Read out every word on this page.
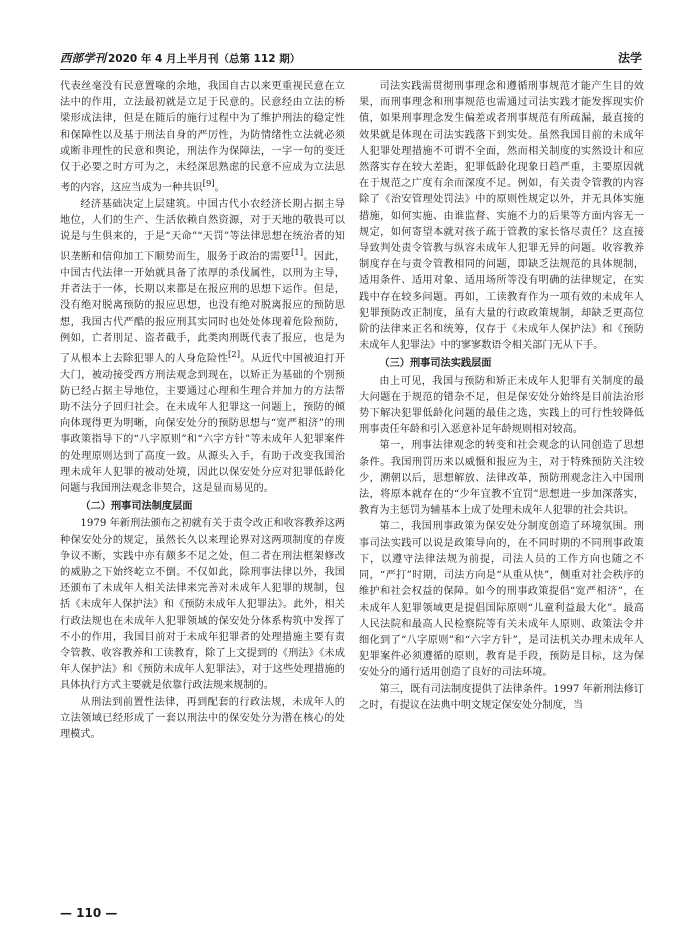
西部学刊 2020 年 4 月上半月刊（总第 112 期）	法学

代表丝毫没有民意置喙的余地，我国自古以来更重视民意在立法中的作用，立法最初就是立足于民意的。民意经由立法的桥梁形成法律，但是在随后的施行过程中为了维护刑法的稳定性和保障性以及基于刑法自身的严厉性，为防情绪性立法就必须或断非理性的民意和舆论，刑法作为保障法，一字一句的变迁仅于必要之时方可为之，未经深思熟虑的民意不应成为立法思考的内容，这应当成为一种共识[9]。

经济基础决定上层建筑。中国古代小农经济长期占据主导地位，人们的生产、生活依赖自然资源，对于天地的敬畏可以说是与生俱来的，于是“天命”“天罚”等法律思想在统治者的知识垄断和信仰加工下顺势而生，服务于政治的需要[1]。因此，中国古代法律一开始就具备了浓厚的杀伐属性，以刑为主导，并者法于一体，长期以来都是在报应刑的思想下运作。但是，没有绝对脱离预防的报应思想，也没有绝对脱离报应的预防思想，我国古代严酷的报应刑其实同时也处处体现着危险预防，例如，亡者刖足、盗者截手，此类肉刑既代表了报应，也是为了从根本上去除犯罪人的人身危险性[2]。从近代中国被迫打开大门，被动接受西方刑法观念到现在，以矫正为基础的个别预防已经占据主导地位，主要通过心理和生理合并加力的方法帮助不法分子回归社会。在未成年人犯罪这一问题上，预防的倾向体现得更为明晰，向保安处分的预防思想与“宽严相济”的刑事政策指导下的“八字原则”和“六字方针”等未成年人犯罪案件的处理原则达到了高度一致。从源头入手，有助于改变我国治理未成年人犯罪的被动处境，因此以保安处分应对犯罪低龄化问题与我国刑法观念非契合，这是显而易见的。

（二）刑事司法制度层面

1979 年新刑法颁布之初就有关于责令改正和收容教养这两种保安处分的规定，虽然长久以来理论界对这两项制度的存废争议不断，实践中亦有颇多不足之处，但二者在刑法框架修改的威胁之下始终屹立不倒。不仅如此，除刑事法律以外，我国还颁布了未成年人相关法律来完善对未成年人犯罪的规制，包括《未成年人保护法》和《预防未成年人犯罪法》。此外，相关行政法规也在未成年人犯罪领域的保安处分体系构筑中发挥了不小的作用，我国目前对于未成年犯罪者的处理措施主要有责令管教、收容教养和工读教育，除了上文提到的《刑法》《未成年人保护法》和《预防未成年人犯罪法》，对于这些处理措施的具体执行方式主要就是依靠行政法规来规制的。

从刑法到前置性法律，再到配套的行政法规，未成年人的立法领域已经形成了一套以刑法中的保安处分为潜在核心的处理模式。

司法实践需贯彻刑事理念和遵循刑事规范才能产生目的效果，而刑事理念和刑事规范也需通过司法实践才能发挥现实价值，如果刑事理念发生偏差或者刑事规范有所疏漏，最直接的效果就是体现在司法实践落下到实处。虽然我国目前的未成年人犯罪处理措施不可谓不全面，然而相关制度的实然设计和应然落实存在较大差距，犯罪低龄化现象日趋严重，主要原因就在于规范之广度有余而深度不足。例如，有关责令管教的内容除了《治安管理处罚法》中的原则性规定以外，并无具体实施措施，如何实施、由谁监督、实施不力的后果等方面内容无一规定，如何寄望本就对孩子疏于管教的家长恪尽责任？这直接导致判处责令管教与纵容未成年人犯罪无异的问题。收容教养制度存在与责令管教相同的问题，即缺乏法规范的具体规制，适用条件、适用对象、适用场所等没有明确的法律规定，在实践中存在较多问题。再如，工读教育作为一项有效的未成年人犯罪预防改正制度，虽有大量的行政政策规制，却缺乏更高位阶的法律来正名和统筹，仅存于《未成年人保护法》和《预防未成年人犯罪法》中的寥寥数语令相关部门无从下手。

（三）刑事司法实践层面

由上可见，我国与预防和矫正未成年人犯罪有关制度的最大问题在于规范的错杂不足，但是保安处分始终是目前法治形势下解决犯罪低龄化问题的最佳之选，实践上的可行性较降低刑事责任年龄和引入恶意补足年龄规则相对较高。

第一，刑事法律观念的转变和社会观念的认同创造了思想条件。我国刑罚历来以威慑和报应为主，对于特殊预防关注较少，溯朝以后，思想解放、法律改革，预防刑观念注入中国刑法，将原本就存在的“少年宜教不宜罚”思想进一步加深落实，教育为主惩罚为辅基本上成了处理未成年人犯罪的社会共识。

第二，我国刑事政策为保安处分制度创造了环境氛围。刑事司法实践可以说是政策导向的，在不同时期的不同刑事政策下，以遵守法律法规为前提，司法人员的工作方向也随之不同，“严打”时期，司法方向是“从重从快”，侧重对社会秩序的维护和社会权益的保障。如今的刑事政策提倡“宽严相济”，在未成年人犯罪领域更是提倡国际原则“儿童利益最大化”。最高人民法院和最高人民检察院等有关未成年人原则、政策法令并细化到了“八字原则”和“六字方针”，是司法机关办理未成年人犯罪案件必须遵循的原则，教育是手段，预防是目标，这为保安处分的通行适用创造了良好的司法环境。

第三，既有司法制度提供了法律条件。1997 年新刑法修订之时，有提议在法典中明文规定保安处分制度，当

— 110 —
